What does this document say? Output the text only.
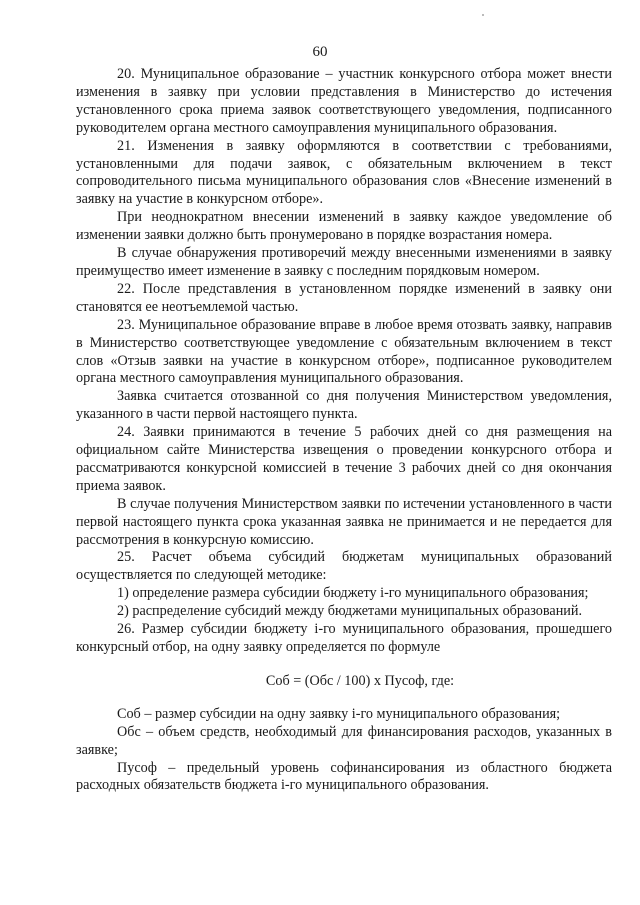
60

20. Муниципальное образование – участник конкурсного отбора может внести изменения в заявку при условии представления в Министерство до истечения установленного срока приема заявок соответствующего уведомления, подписанного руководителем органа местного самоуправления муниципального образования.

21. Изменения в заявку оформляются в соответствии с требованиями, установленными для подачи заявок, с обязательным включением в текст сопроводительного письма муниципального образования слов «Внесение изменений в заявку на участие в конкурсном отборе».

При неоднократном внесении изменений в заявку каждое уведомление об изменении заявки должно быть пронумеровано в порядке возрастания номера.

В случае обнаружения противоречий между внесенными изменениями в заявку преимущество имеет изменение в заявку с последним порядковым номером.

22. После представления в установленном порядке изменений в заявку они становятся ее неотъемлемой частью.

23. Муниципальное образование вправе в любое время отозвать заявку, направив в Министерство соответствующее уведомление с обязательным включением в текст слов «Отзыв заявки на участие в конкурсном отборе», подписанное руководителем органа местного самоуправления муниципального образования.

Заявка считается отозванной со дня получения Министерством уведомления, указанного в части первой настоящего пункта.

24. Заявки принимаются в течение 5 рабочих дней со дня размещения на официальном сайте Министерства извещения о проведении конкурсного отбора и рассматриваются конкурсной комиссией в течение 3 рабочих дней со дня окончания приема заявок.

В случае получения Министерством заявки по истечении установленного в части первой настоящего пункта срока указанная заявка не принимается и не передается для рассмотрения в конкурсную комиссию.

25. Расчет объема субсидий бюджетам муниципальных образований осуществляется по следующей методике:

1) определение размера субсидии бюджету i-го муниципального образования;

2) распределение субсидий между бюджетами муниципальных образований.

26. Размер субсидии бюджету i-го муниципального образования, прошедшего конкурсный отбор, на одну заявку определяется по формуле

Соб = (Обс / 100) х Пусоф, где:

Соб – размер субсидии на одну заявку i-го муниципального образования;

Обс – объем средств, необходимый для финансирования расходов, указанных в заявке;

Пусоф – предельный уровень софинансирования из областного бюджета расходных обязательств бюджета i-го муниципального образования.
